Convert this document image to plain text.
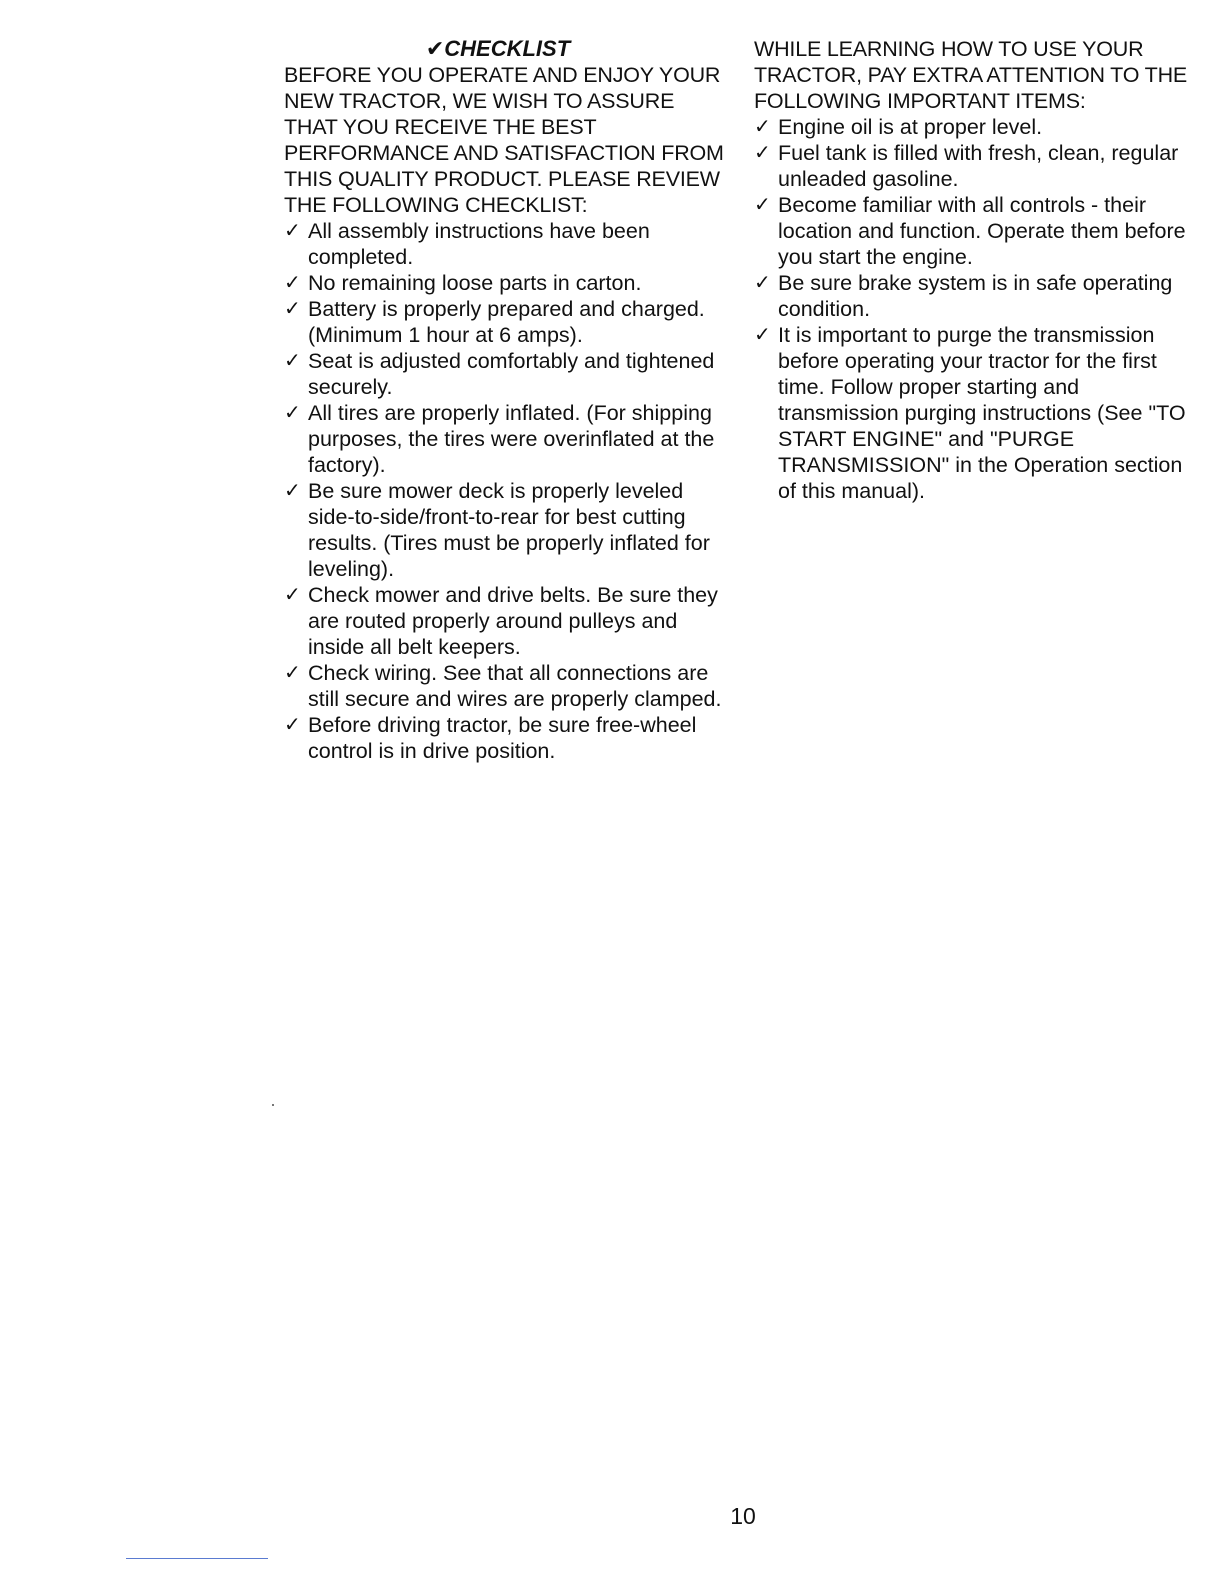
✔CHECKLIST

BEFORE YOU OPERATE AND ENJOY YOUR NEW TRACTOR, WE WISH TO ASSURE THAT YOU RECEIVE THE BEST PERFORMANCE AND SATISFACTION FROM THIS QUALITY PRODUCT. PLEASE REVIEW THE FOLLOWING CHECKLIST:

✓ All assembly instructions have been completed.
✓ No remaining loose parts in carton.
✓ Battery is properly prepared and charged. (Minimum 1 hour at 6 amps).
✓ Seat is adjusted comfortably and tightened securely.
✓ All tires are properly inflated. (For shipping purposes, the tires were overinflated at the factory).
✓ Be sure mower deck is properly leveled side-to-side/front-to-rear for best cutting results. (Tires must be properly inflated for leveling).
✓ Check mower and drive belts. Be sure they are routed properly around pulleys and inside all belt keepers.
✓ Check wiring. See that all connections are still secure and wires are properly clamped.
✓ Before driving tractor, be sure free-wheel control is in drive position.

WHILE LEARNING HOW TO USE YOUR TRACTOR, PAY EXTRA ATTENTION TO THE FOLLOWING IMPORTANT ITEMS:

✓ Engine oil is at proper level.
✓ Fuel tank is filled with fresh, clean, regular unleaded gasoline.
✓ Become familiar with all controls - their location and function. Operate them before you start the engine.
✓ Be sure brake system is in safe operating condition.
✓ It is important to purge the transmission before operating your tractor for the first time. Follow proper starting and transmission purging instructions (See "TO START ENGINE" and "PURGE TRANSMISSION" in the Operation section of this manual).
10
